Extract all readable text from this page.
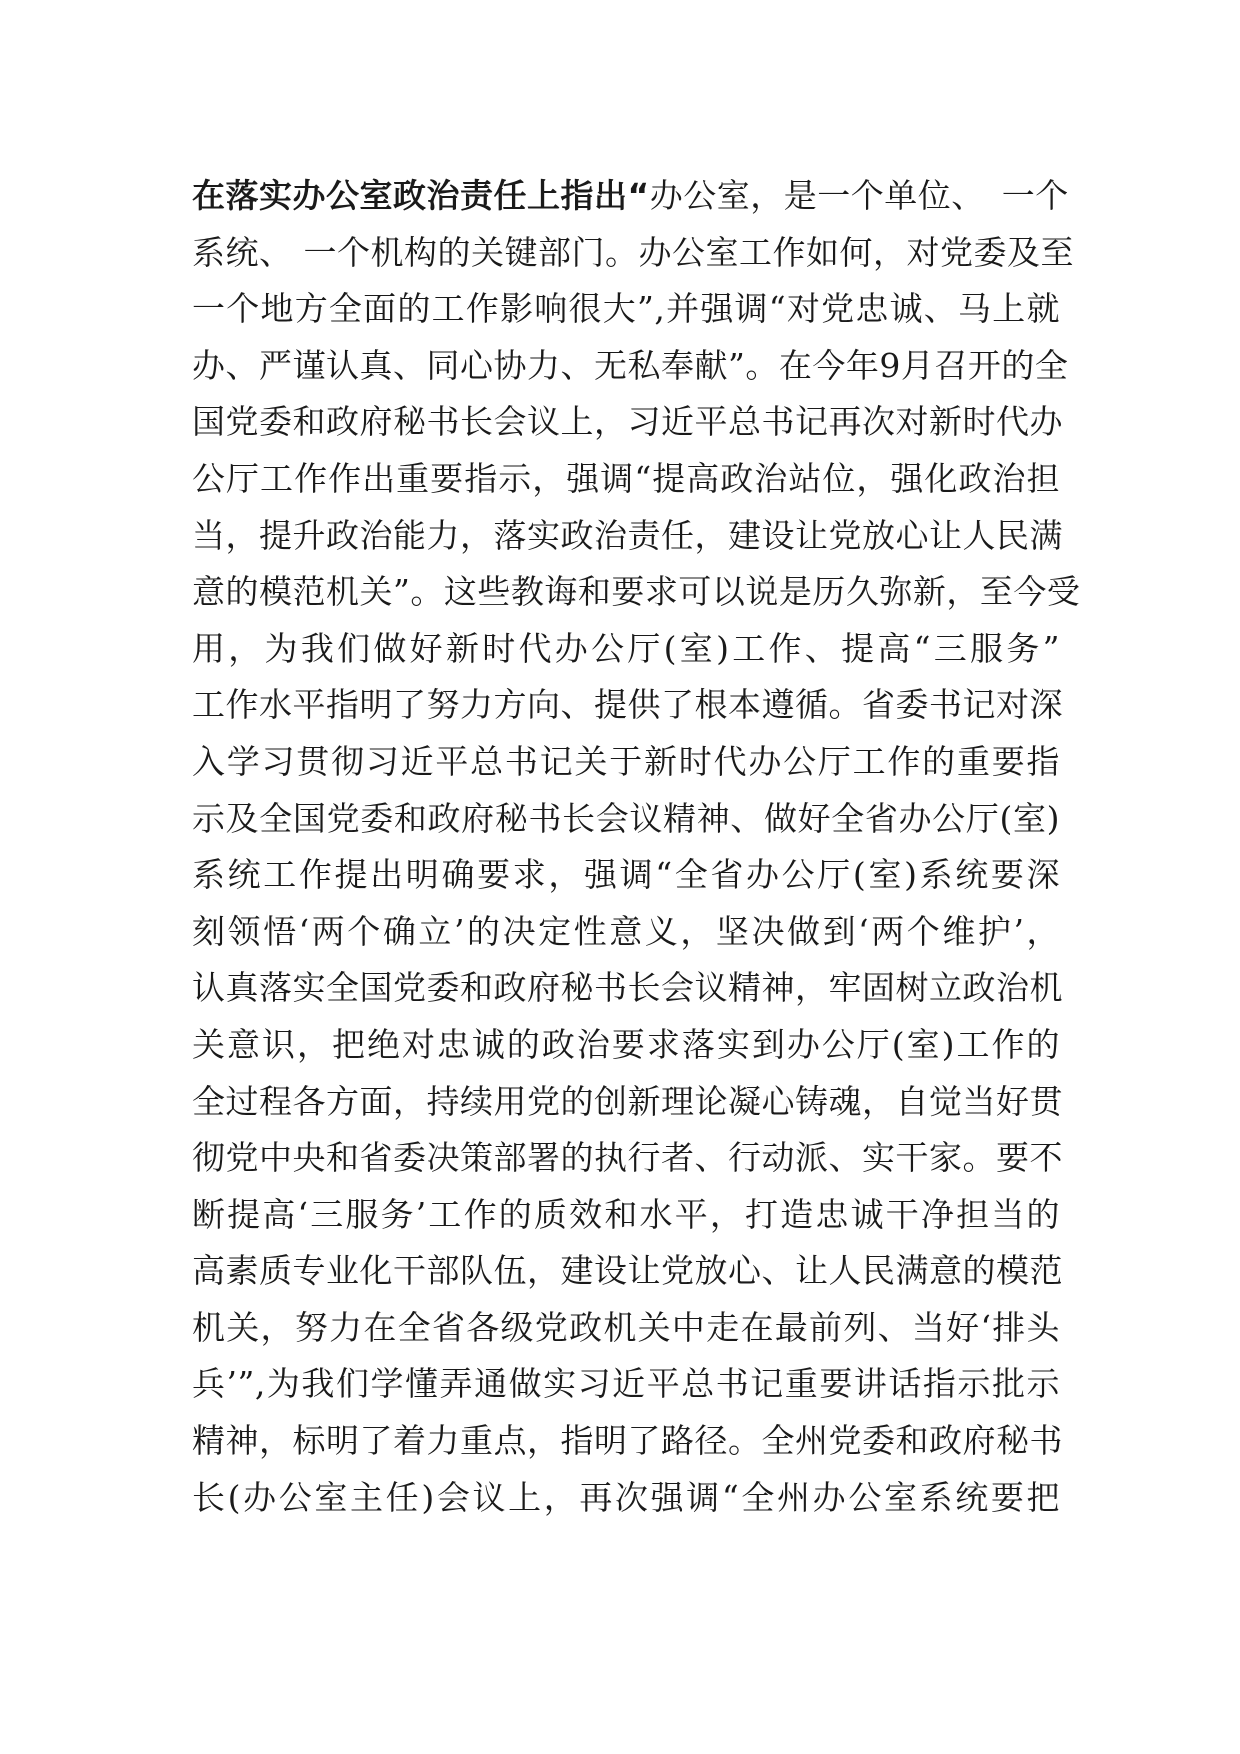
在落实办公室政治责任上指出“办公室，是一个单位、　一个
系统、 一个机构的关键部门。办公室工作如何，对党委及至
一个地方全面的工作影响很大”,并强调“对党忠诚、马上就
办、严谨认真、同心协力、无私奉献”。在今年9月召开的全
国党委和政府秘书长会议上，习近平总书记再次对新时代办
公厅工作作出重要指示，强调“提高政治站位，强化政治担
当，提升政治能力，落实政治责任，建设让党放心让人民满
意的模范机关”。这些教诲和要求可以说是历久弥新，至今受
用，为我们做好新时代办公厅(室)工作、提高“三服务”
工作水平指明了努力方向、提供了根本遵循。省委书记对深
入学习贯彻习近平总书记关于新时代办公厅工作的重要指
示及全国党委和政府秘书长会议精神、做好全省办公厅(室)
系统工作提出明确要求，强调“全省办公厅(室)系统要深
刻领悟‘两个确立’的决定性意义，坚决做到‘两个维护’，
认真落实全国党委和政府秘书长会议精神，牢固树立政治机
关意识，把绝对忠诚的政治要求落实到办公厅(室)工作的
全过程各方面，持续用党的创新理论凝心铸魂，自觉当好贯
彻党中央和省委决策部署的执行者、行动派、实干家。要不
断提高‘三服务’工作的质效和水平，打造忠诚干净担当的
高素质专业化干部队伍，建设让党放心、让人民满意的模范
机关，努力在全省各级党政机关中走在最前列、当好‘排头
兵’”,为我们学懂弄通做实习近平总书记重要讲话指示批示
精神，标明了着力重点，指明了路径。全州党委和政府秘书
长(办公室主任)会议上，再次强调“全州办公室系统要把
